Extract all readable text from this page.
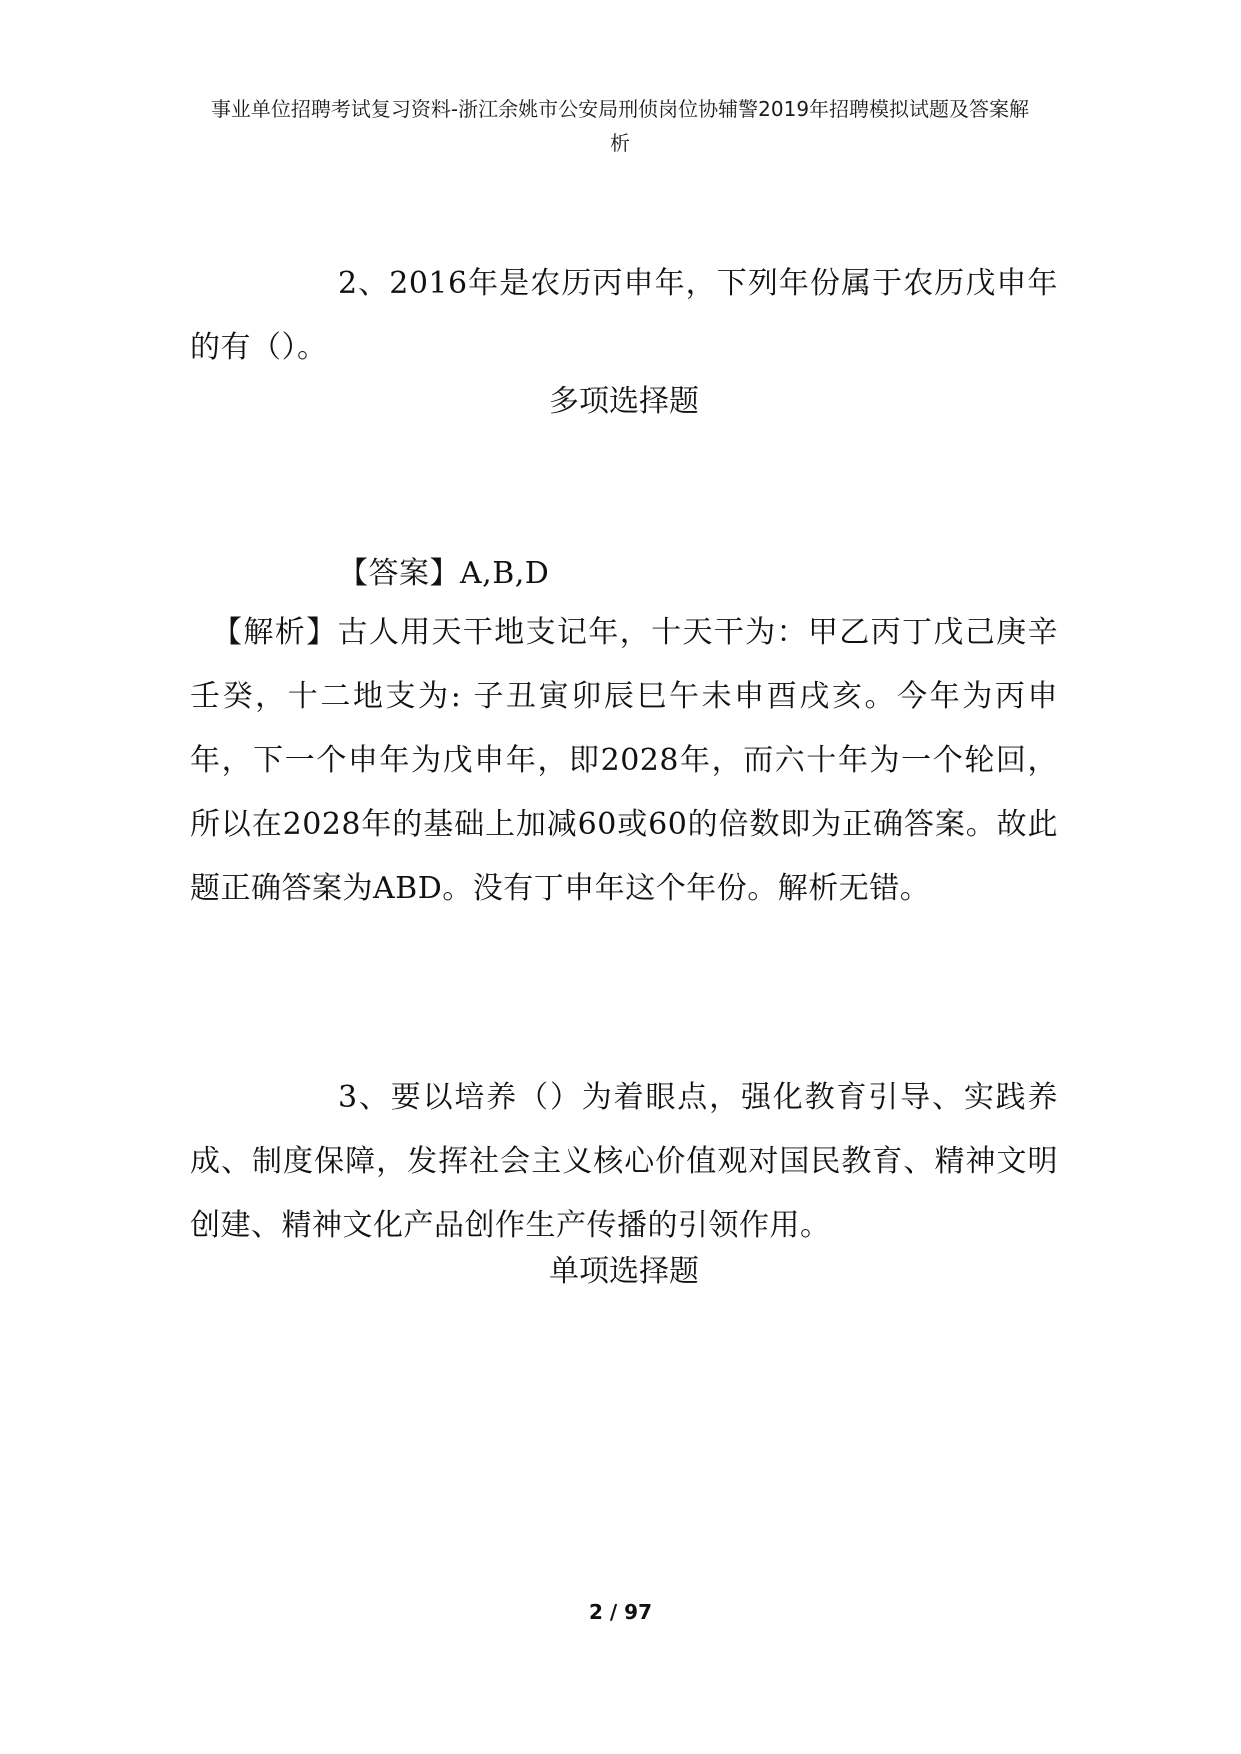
事业单位招聘考试复习资料-浙江余姚市公安局刑侦岗位协辅警2019年招聘模拟试题及答案解
析
2、2016年是农历丙申年，下列年份属于农历戊申年的有（）。
多项选择题
【答案】A,B,D
【解析】古人用天干地支记年，十天干为：甲乙丙丁戊己庚辛壬癸，十二地支为: 子丑寅卯辰巳午未申酉戌亥。今年为丙申年，下一个申年为戊申年，即2028年，而六十年为一个轮回，所以在2028年的基础上加减60或60的倍数即为正确答案。故此题正确答案为ABD。没有丁申年这个年份。解析无错。
3、要以培养（）为着眼点，强化教育引导、实践养成、制度保障，发挥社会主义核心价值观对国民教育、精神文明创建、精神文化产品创作生产传播的引领作用。
单项选择题
2 / 97
